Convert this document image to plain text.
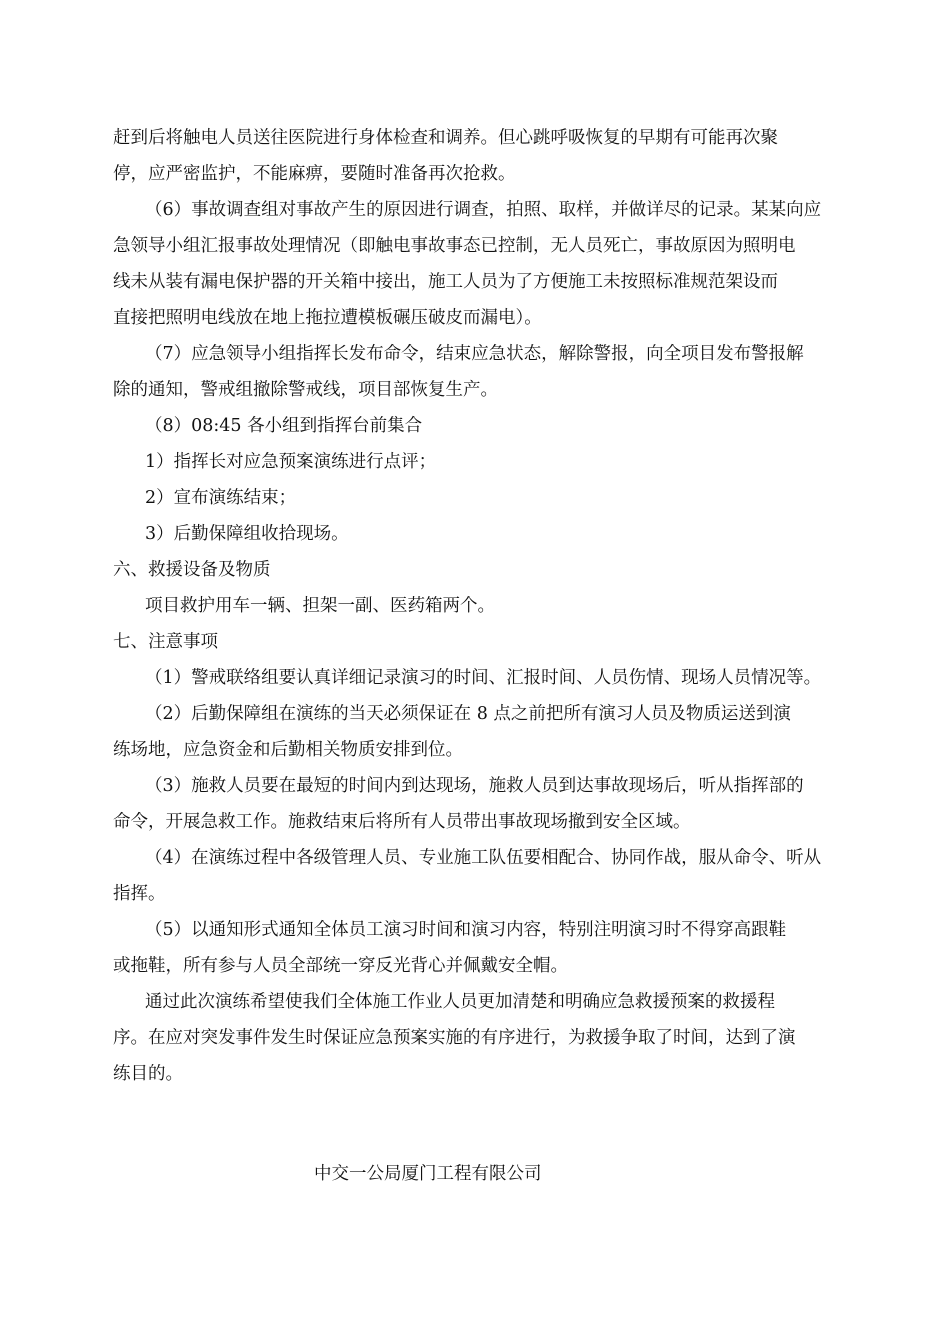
赶到后将触电人员送往医院进行身体检查和调养。但心跳呼吸恢复的早期有可能再次聚
停，应严密监护，不能麻痹，要随时准备再次抢救。
（6）事故调查组对事故产生的原因进行调查，拍照、取样，并做详尽的记录。某某向应
急领导小组汇报事故处理情况（即触电事故事态已控制，无人员死亡，事故原因为照明电
线未从装有漏电保护器的开关箱中接出，施工人员为了方便施工未按照标准规范架设而
直接把照明电线放在地上拖拉遭模板碾压破皮而漏电）。
（7）应急领导小组指挥长发布命令，结束应急状态，解除警报，向全项目发布警报解
除的通知，警戒组撤除警戒线，项目部恢复生产。
（8）08:45 各小组到指挥台前集合
1）指挥长对应急预案演练进行点评；
2）宣布演练结束；
3）后勤保障组收拾现场。
六、救援设备及物质
项目救护用车一辆、担架一副、医药箱两个。
七、注意事项
（1）警戒联络组要认真详细记录演习的时间、汇报时间、人员伤情、现场人员情况等。
（2）后勤保障组在演练的当天必须保证在 8 点之前把所有演习人员及物质运送到演
练场地，应急资金和后勤相关物质安排到位。
（3）施救人员要在最短的时间内到达现场，施救人员到达事故现场后，听从指挥部的
命令，开展急救工作。施救结束后将所有人员带出事故现场撤到安全区域。
（4）在演练过程中各级管理人员、专业施工队伍要相配合、协同作战，服从命令、听从
指挥。
（5）以通知形式通知全体员工演习时间和演习内容，特别注明演习时不得穿高跟鞋
或拖鞋，所有参与人员全部统一穿反光背心并佩戴安全帽。
通过此次演练希望使我们全体施工作业人员更加清楚和明确应急救援预案的救援程
序。在应对突发事件发生时保证应急预案实施的有序进行，为救援争取了时间，达到了演
练目的。
中交一公局厦门工程有限公司
